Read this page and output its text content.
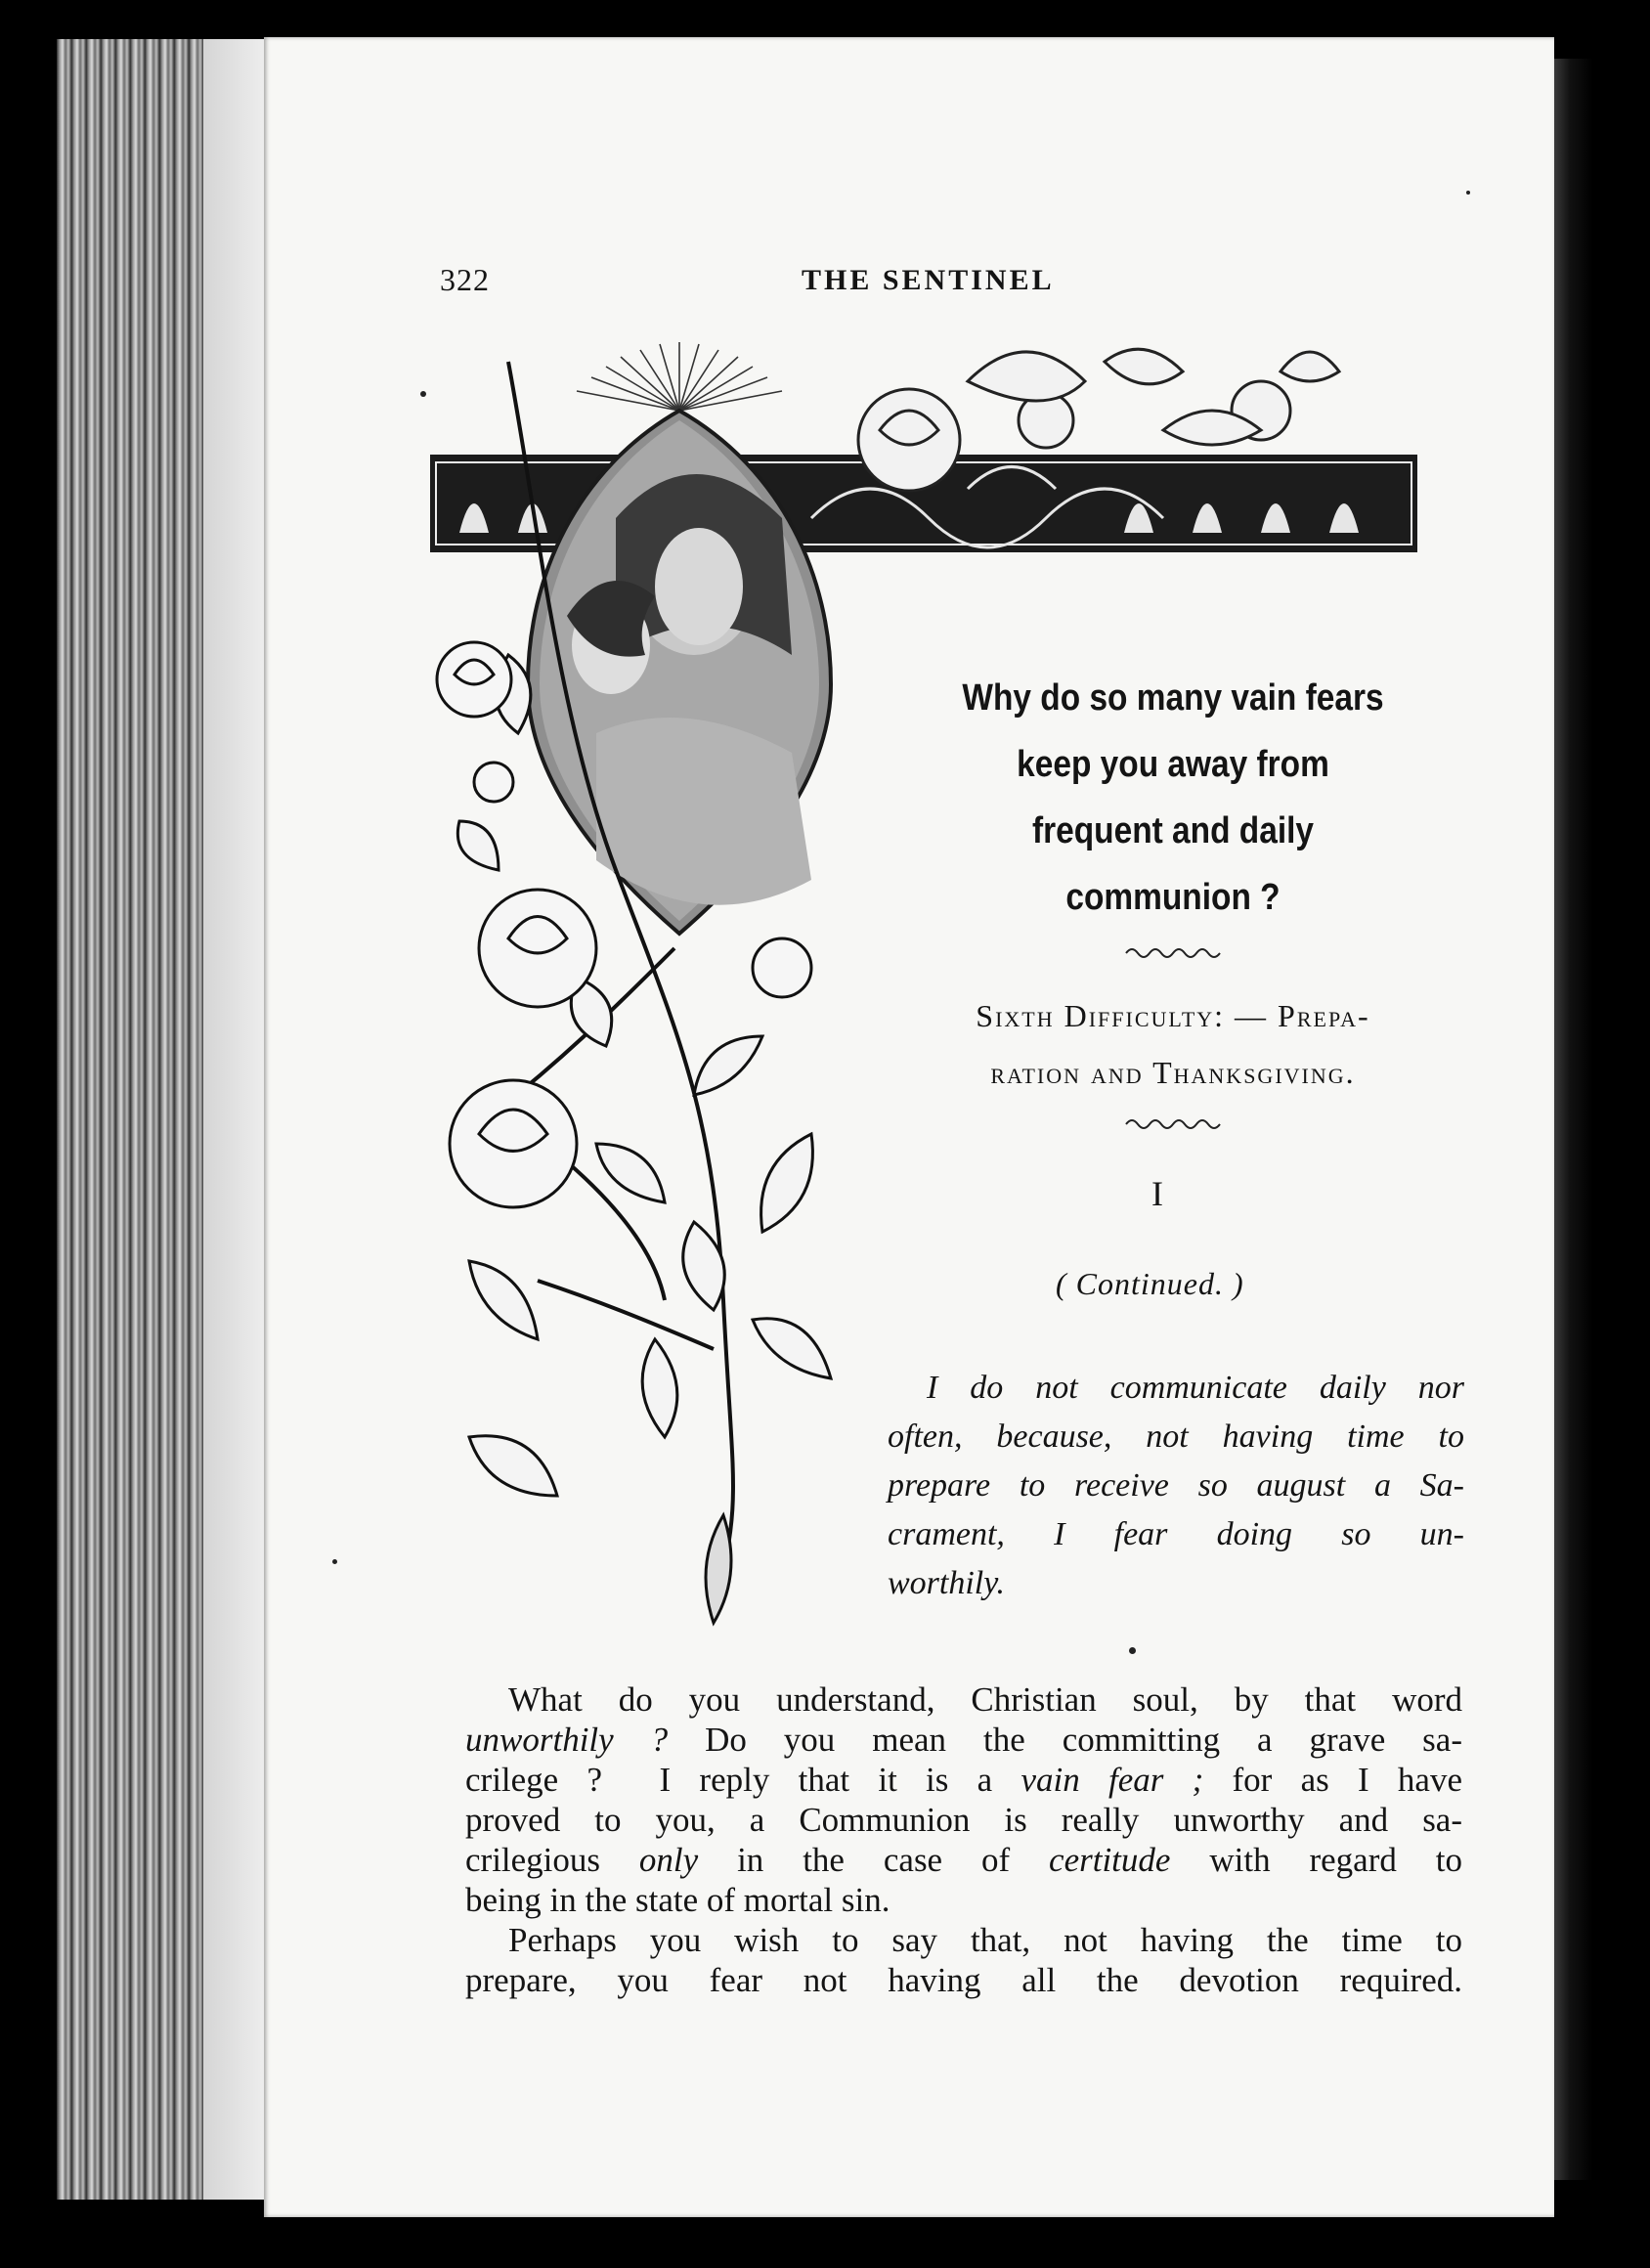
322	THE SENTINEL
Why do so many vain fears
keep you away from
frequent and daily
communion ?
Sixth Difficulty: — Prepa-
ration and Thanksgiving.
I
( Continued. )
I do not communicate daily nor
often, because, not having time to
prepare to receive so august a Sa-
crament, I fear doing so un-
worthily.
What do you understand, Christian soul, by that word
unworthily ? Do you mean the committing a grave sa-
crilege ?  I reply that it is a vain fear ; for as I have
proved to you, a Communion is really unworthy and sa-
crilegious only in the case of certitude with regard to
being in the state of mortal sin.
Perhaps you wish to say that, not having the time to
prepare, you fear not having all the devotion required.
